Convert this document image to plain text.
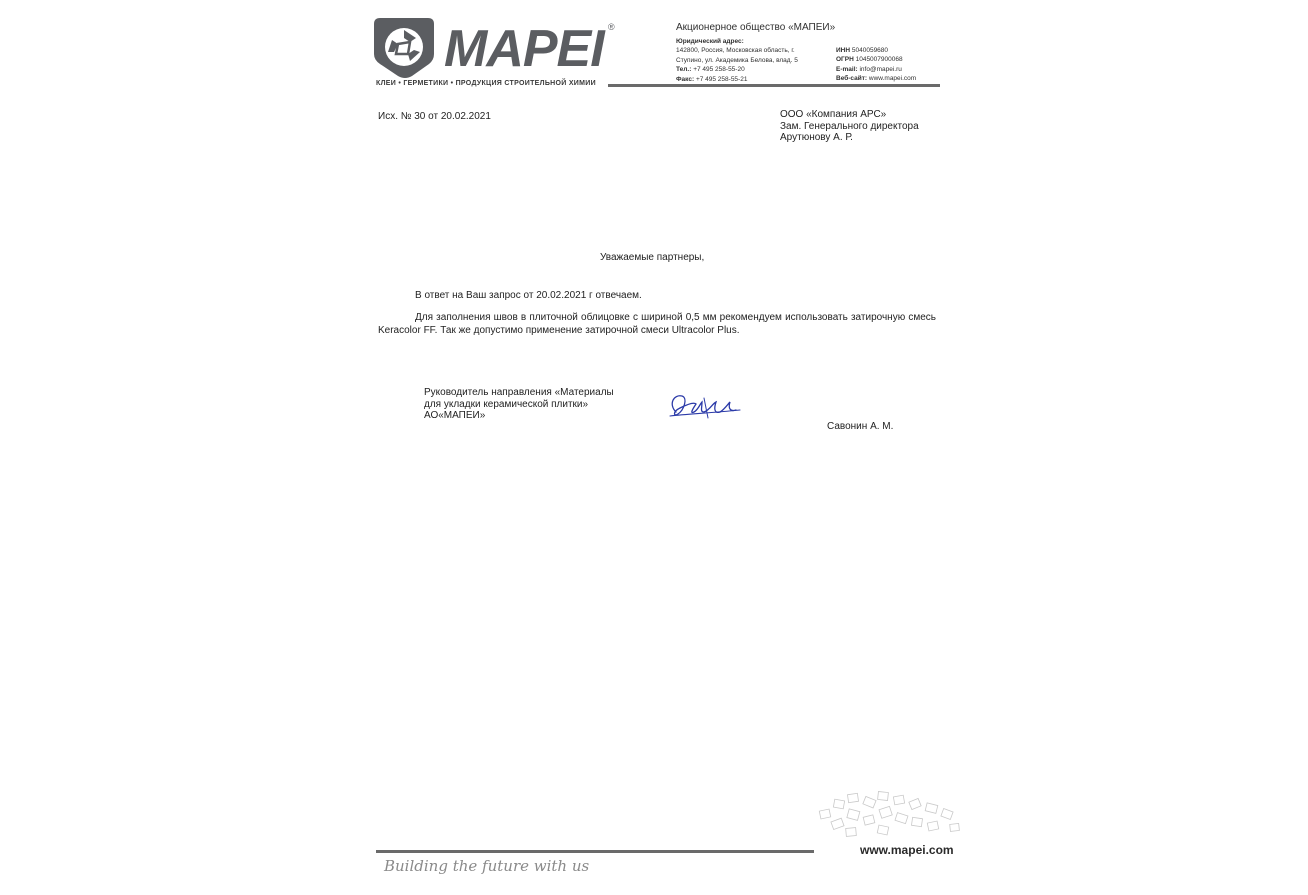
MAPEI ®
КЛЕИ • ГЕРМЕТИКИ • ПРОДУКЦИЯ СТРОИТЕЛЬНОЙ ХИМИИ
Акционерное общество «МАПЕИ»
Юридический адрес:
142800, Россия, Московская область, г.
Ступино, ул. Академика Белова, влад. 5
Тел.: +7 495 258-55-20
Факс: +7 495 258-55-21
ИНН 5040059680
ОГРН 1045007900068
E-mail: info@mapei.ru
Веб-сайт: www.mapei.com
Исх. № 30 от 20.02.2021	ООО «Компания АРС»
Зам. Генерального директора
Арутюнову А. Р.
Уважаемые партнеры,
В ответ на Ваш запрос от 20.02.2021 г отвечаем.
Для заполнения швов в плиточной облицовке с шириной 0,5 мм рекомендуем использовать затирочную смесь Keracolor FF. Так же допустимо применение затирочной смеси Ultracolor Plus.
Руководитель направления «Материалы
для укладки керамической плитки»
АО«МАПЕИ»
Савонин А. М.
Building the future with us
www.mapei.com
